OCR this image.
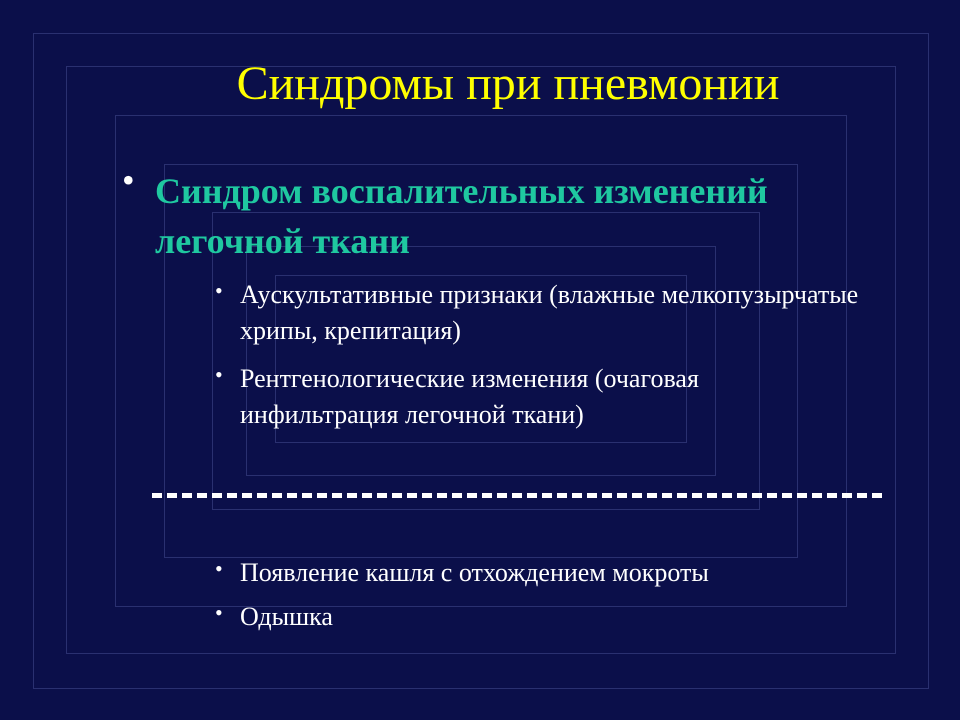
Синдромы при пневмонии
• Синдром воспалительных изменений легочной ткани

• Аускультативные признаки (влажные мелкопузырчатые хрипы, крепитация)

• Рентгенологические изменения (очаговая инфильтрация легочной ткани)

• Появление кашля с отхождением мокроты

• Одышка
